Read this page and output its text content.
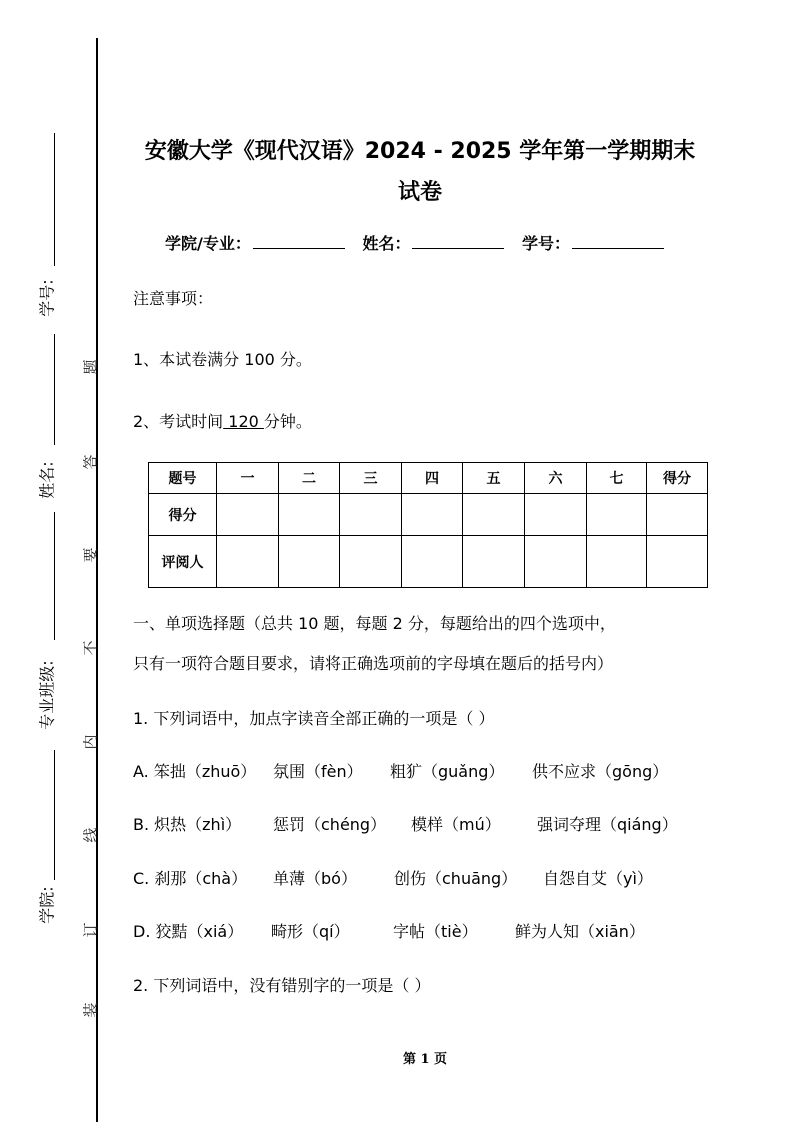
学号:
姓名:
专业班级:
学院:
题
答
要
不
内
线
订
装
安徽大学《现代汉语》2024 - 2025 学年第一学期期末
试卷
学院/专业：	姓名：	学号：
注意事项：
1、本试卷满分 100 分。
2、考试时间 120 分钟。
题号	一	二	三	四	五	六	七	得分
得分								
评阅人								
一、单项选择题（总共 10 题，每题 2 分，每题给出的四个选项中，
只有一项符合题目要求，请将正确选项前的字母填在题后的括号内）
1. 下列词语中，加点字读音全部正确的一项是（ ）
A. 笨拙（zhuō） 氛围（fèn） 粗犷（guǎng） 供不应求（gōng）
B. 炽热（zhì） 惩罚（chéng） 模样（mú） 强词夺理（qiáng）
C. 刹那（chà） 单薄（bó） 创伤（chuāng） 自怨自艾（yì）
D. 狡黠（xiá） 畸形（qí）	字帖（tiè） 鲜为人知（xiān）
2. 下列词语中，没有错别字的一项是（ ）
第 1 页
